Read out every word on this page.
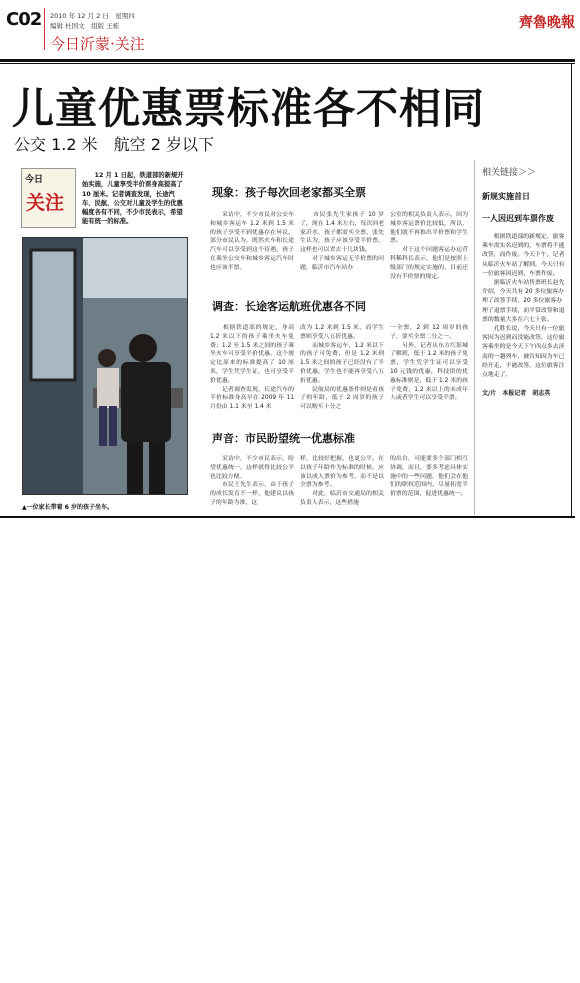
C02 2010 年 12 月 2 日　星期四
编辑 杜国文　组版 王栋
今日沂蒙·关注
齊魯晚報
儿童优惠票标准各不相同
公交 1.2 米　航空 2 岁以下
今日
关注
　　12 月 1 日起，铁道部的新规开始实施，儿童享受半价票身高提高了 10 厘米。记者调查发现，长途汽车、民航、公交对儿童及学生的优惠幅度各有不同，不少市民表示，希望能有统一的标准。
▲一位家长带着 6 岁的孩子坐车。
现象：孩子每次回老家都买全票
　　采访中，不少市民对公交车和城乡客运车 1.2 米到 1.5 米的孩子享受不到优惠存在异议，部分市民认为，既然火车和长途汽车可以享受到这个待遇，孩子在乘坐公交车和城乡客运汽车时也应该半票。
　　市民张先生家孩子 10 岁了，现在 1.4 米左右，每次回老家沂水，孩子都需买全票，张先生认为，孩子应该享受半价票，这样也可以省去十几块钱。
　　对于城乡客运无半价票的问题，临沂市汽车站办
公室的相关负责人表示，因为城乡客运票价比较低，所以，他们就不再推出半价票和学生票。
　　对于这个问题客运办运营科稀科长表示，他们是按照上级部门的规定实施的，目前还没有半价票的规定。
调查：长途客运航班优惠各不同
　　根据铁道部的规定，身高 1.2 米以下的孩子乘坐火车免费；1.2 至 1.5 米之间的孩子乘坐火车可享受半价优惠，这个规定比原来的标准提高了 10 厘米，学生凭学生证，也可享受半价优惠。
　　记者调查发现，长途汽车的半价标准身高早在 2009 年 11 月份由 1.1 米至 1.4 米
改为 1.2 米到 1.5 米，而学生票则享受八五折优惠。
　　而城乡客运车，1.2 米以下的孩子可免费，但是 1.2 米到 1.5 米之间的孩子已经没有了半价优惠，学生也不能再享受八五折优惠。
　　民航局的优惠条件则是看孩子的年龄，低于 2 周岁的孩子可以购买十分之
一全票，2 到 12 周岁的孩子，要买全票二分之一。
　　另外，记者从东方红影城了解到，低于 1.2 米的孩子免票，学生凭学生证可以享受 10 元钱的优惠，科技馆的优惠标准则是，低于 1.2 米的孩子免费，1.2 米以上的未成年人或者学生可以享受半票。
声音：市民盼望统一优惠标准
　　采访中，不少市民表示，盼望优惠统一，这样就得比较公平也比较方便。
　　市民王先生表示，由于孩子的成长发育不一样，他建议以孩子的年龄为准，这
样，比较好把握，也更公平。在以孩子年龄作为标准的时候，应该以成人票价为参考，而不是以全票为参考。
　　对此，临沂市交通局的相关负责人表示，这些措施
的出台，可能要多个部门相互协调，而且，要多考虑具体实施中的一些问题，他们会在他们的职权范围内，尽量拓宽半价票的范围，促进优惠统一。
相关链接＞＞
新规实施首日
一人因迟到车票作废
　　根据铁道部的新规定，旅客乘车需实名迟到的，车票将不能改签，而作废。今天下午，记者从临沂火车站了解到，今天只有一位旅客因迟到，车票作废。
　　据临沂火车站售票班长赵先介绍，今天共有 20 多位旅客办理了改签手续，20 多位旅客办理了退票手续，而平常改签和退票的数量大多在六七十张。
　　孔胜长说，今天只有一位旅客因为迟到而没能改签，这位旅客乘坐的是今天下午四点多去济南的一趟列车，被告知因为车已经开走，不能改签，这位旅客注点地走了。
文/片　本报记者　胡志英
